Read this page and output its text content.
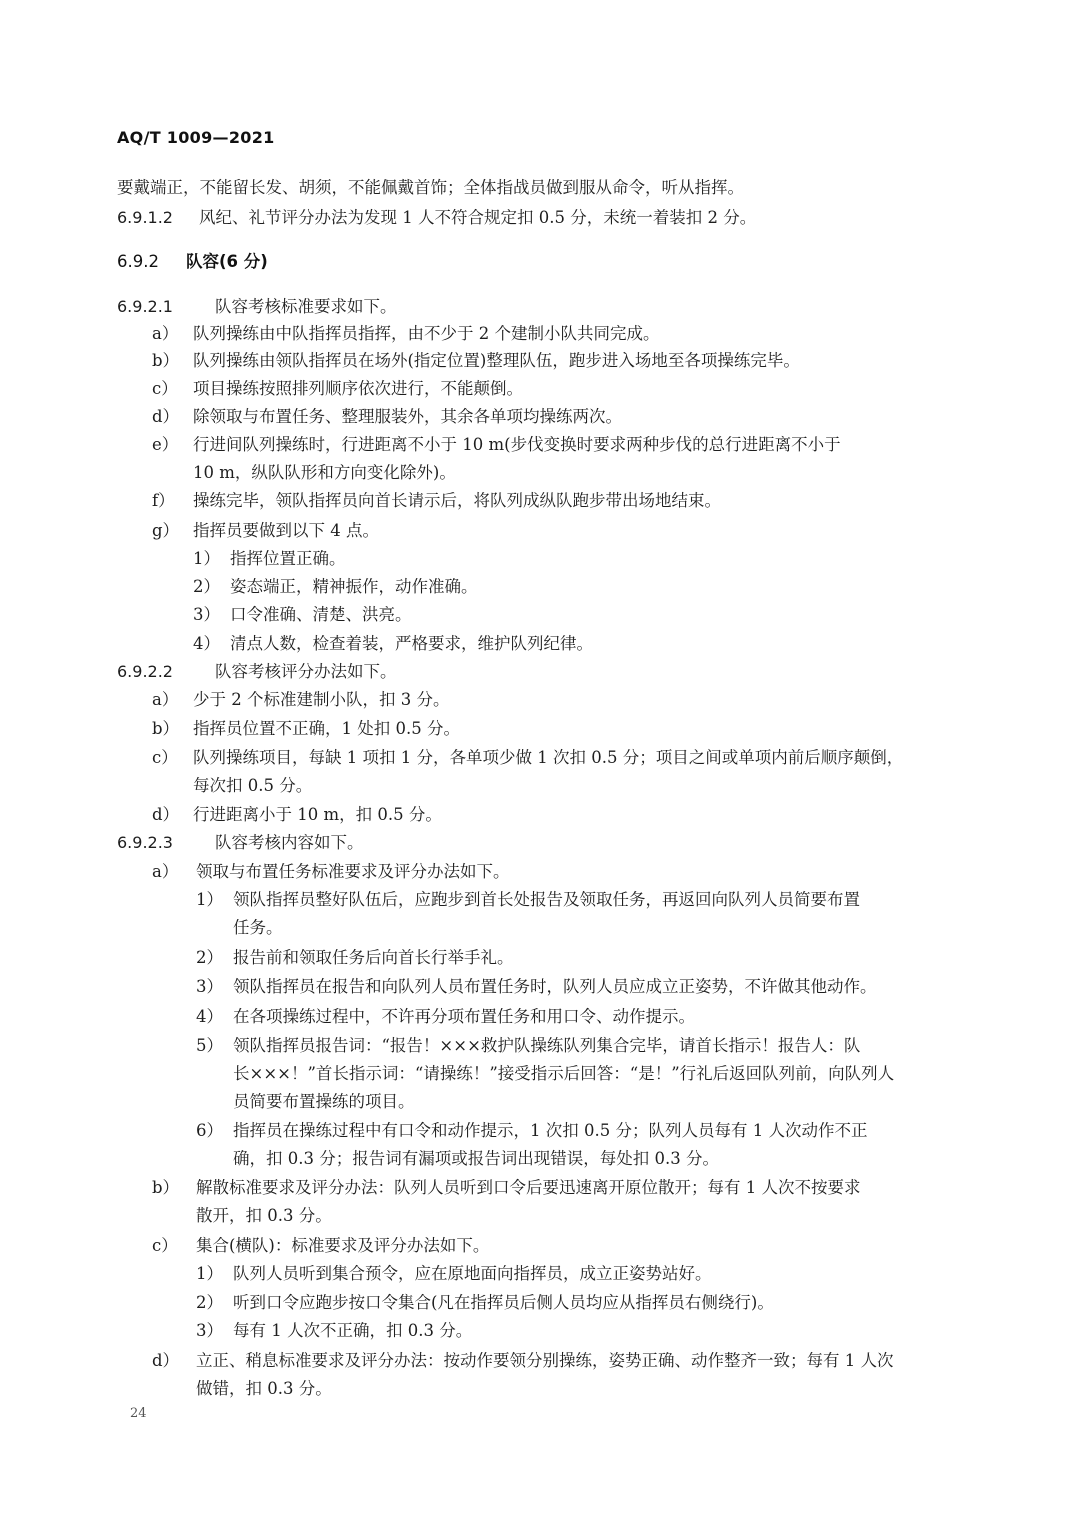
AQ/T 1009—2021
要戴端正，不能留长发、胡须，不能佩戴首饰；全体指战员做到服从命令，听从指挥。
6.9.1.2 风纪、礼节评分办法为发现 1 人不符合规定扣 0.5 分，未统一着装扣 2 分。
6.9.2 队容(6 分)
6.9.2.1	队容考核标准要求如下。
a） 队列操练由中队指挥员指挥，由不少于 2 个建制小队共同完成。
b） 队列操练由领队指挥员在场外(指定位置)整理队伍，跑步进入场地至各项操练完毕。
c） 项目操练按照排列顺序依次进行，不能颠倒。
d） 除领取与布置任务、整理服装外，其余各单项均操练两次。
e） 行进间队列操练时，行进距离不小于 10 m(步伐变换时要求两种步伐的总行进距离不小于
10 m，纵队队形和方向变化除外)。
f） 操练完毕，领队指挥员向首长请示后，将队列成纵队跑步带出场地结束。
g） 指挥员要做到以下 4 点。
1） 指挥位置正确。
2） 姿态端正，精神振作，动作准确。
3） 口令准确、清楚、洪亮。
4） 清点人数，检查着装，严格要求，维护队列纪律。
6.9.2.2	队容考核评分办法如下。
a） 少于 2 个标准建制小队，扣 3 分。
b） 指挥员位置不正确，1 处扣 0.5 分。
c） 队列操练项目，每缺 1 项扣 1 分，各单项少做 1 次扣 0.5 分；项目之间或单项内前后顺序颠倒，
每次扣 0.5 分。
d） 行进距离小于 10 m，扣 0.5 分。
6.9.2.3	队容考核内容如下。
a） 领取与布置任务标准要求及评分办法如下。
1） 领队指挥员整好队伍后，应跑步到首长处报告及领取任务，再返回向队列人员简要布置
任务。
2） 报告前和领取任务后向首长行举手礼。
3） 领队指挥员在报告和向队列人员布置任务时，队列人员应成立正姿势，不许做其他动作。
4） 在各项操练过程中，不许再分项布置任务和用口令、动作提示。
5） 领队指挥员报告词：“报告！×××救护队操练队列集合完毕，请首长指示！报告人：队
长×××！”首长指示词：“请操练！”接受指示后回答：“是！”行礼后返回队列前，向队列人
员简要布置操练的项目。
6） 指挥员在操练过程中有口令和动作提示，1 次扣 0.5 分；队列人员每有 1 人次动作不正
确，扣 0.3 分；报告词有漏项或报告词出现错误，每处扣 0.3 分。
b） 解散标准要求及评分办法：队列人员听到口令后要迅速离开原位散开；每有 1 人次不按要求
散开，扣 0.3 分。
c） 集合(横队)：标准要求及评分办法如下。
1） 队列人员听到集合预令，应在原地面向指挥员，成立正姿势站好。
2） 听到口令应跑步按口令集合(凡在指挥员后侧人员均应从指挥员右侧绕行)。
3） 每有 1 人次不正确，扣 0.3 分。
d） 立正、稍息标准要求及评分办法：按动作要领分别操练，姿势正确、动作整齐一致；每有 1 人次
做错，扣 0.3 分。
24
